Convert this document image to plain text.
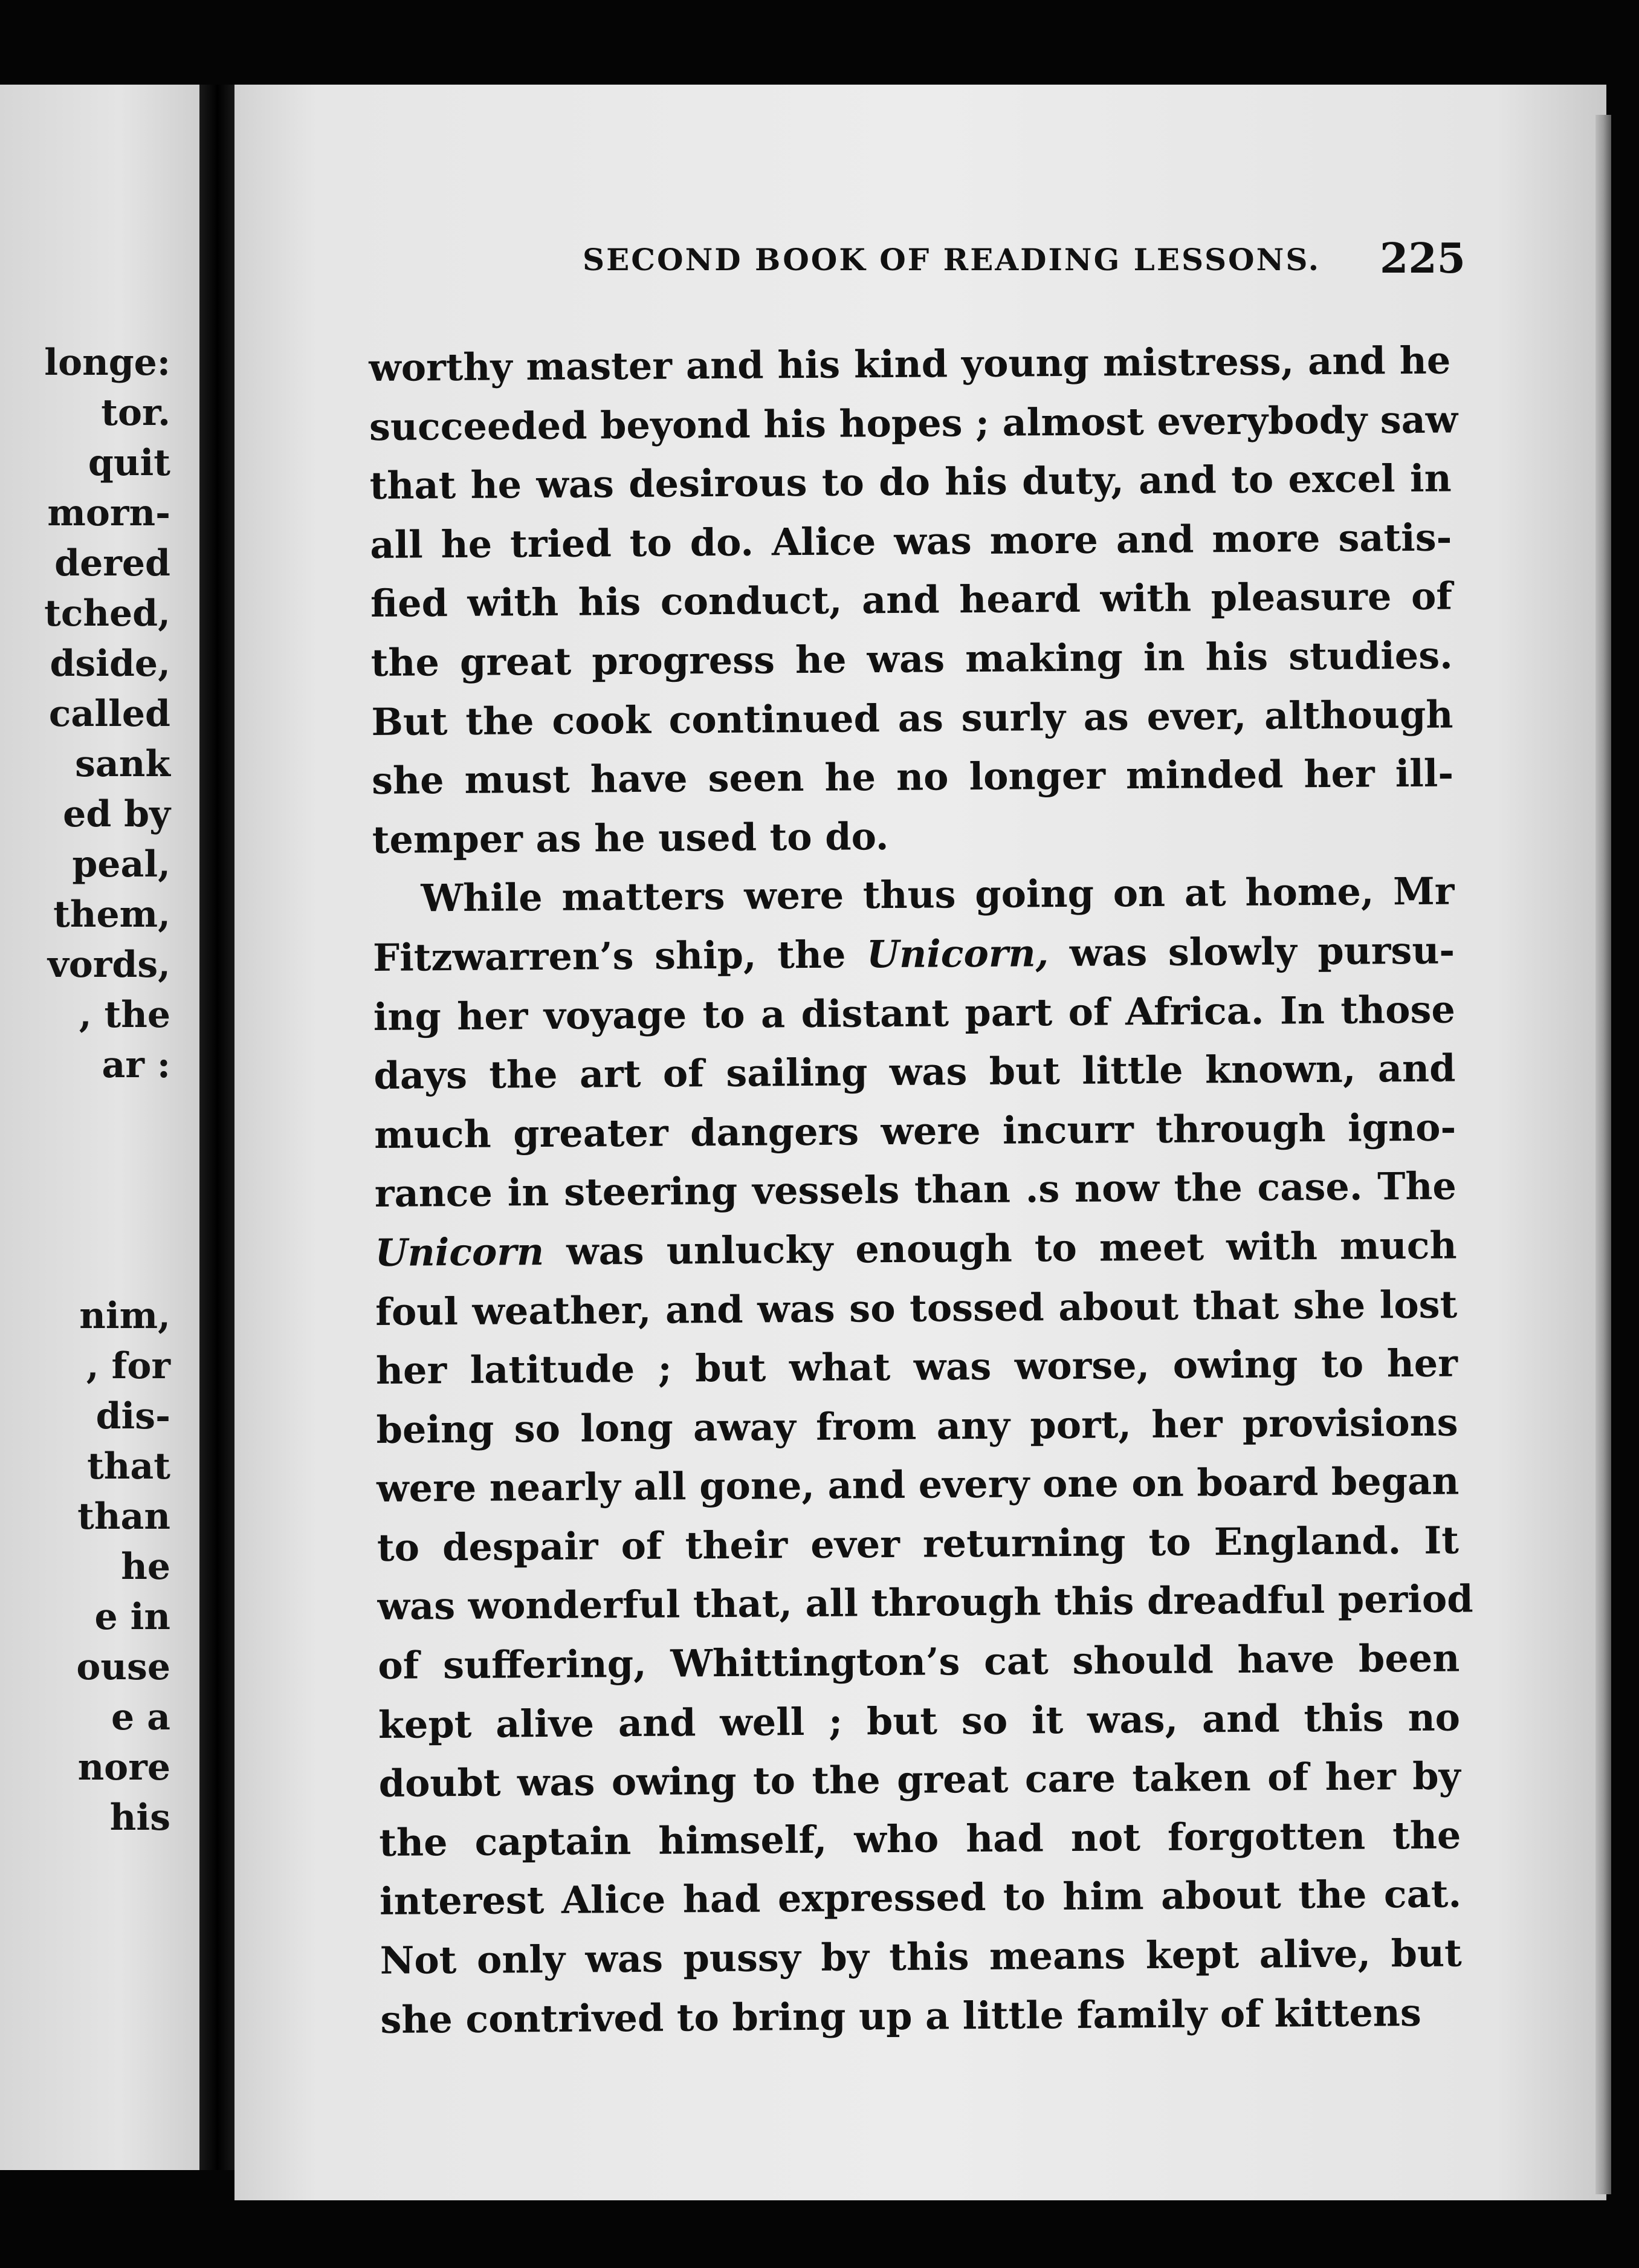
longe:
tor.
quit
morn-
dered
tched,
dside,
called
sank
ed by
peal,
them,
vords,
, the
ar :
nim,
, for
dis-
that
than
he
e in
ouse
e a
nore
his
SECOND BOOK OF READING LESSONS.	225
worthy master and his kind young mistress, and he
succeeded beyond his hopes ; almost everybody saw
that he was desirous to do his duty, and to excel in
all he tried to do. Alice was more and more satis-
fied with his conduct, and heard with pleasure of
the great progress he was making in his studies.
But the cook continued as surly as ever, although
she must have seen he no longer minded her ill-
temper as he used to do.
While matters were thus going on at home, Mr
Fitzwarren’s ship, the Unicorn, was slowly pursu-
ing her voyage to a distant part of Africa. In those
days the art of sailing was but little known, and
much greater dangers were incurr through igno-
rance in steering vessels than .s now the case. The
Unicorn was unlucky enough to meet with much
foul weather, and was so tossed about that she lost
her latitude ; but what was worse, owing to her
being so long away from any port, her provisions
were nearly all gone, and every one on board began
to despair of their ever returning to England. It
was wonderful that, all through this dreadful period
of suffering, Whittington’s cat should have been
kept alive and well ; but so it was, and this no
doubt was owing to the great care taken of her by
the captain himself, who had not forgotten the
interest Alice had expressed to him about the cat.
Not only was pussy by this means kept alive, but
she contrived to bring up a little family of kittens
